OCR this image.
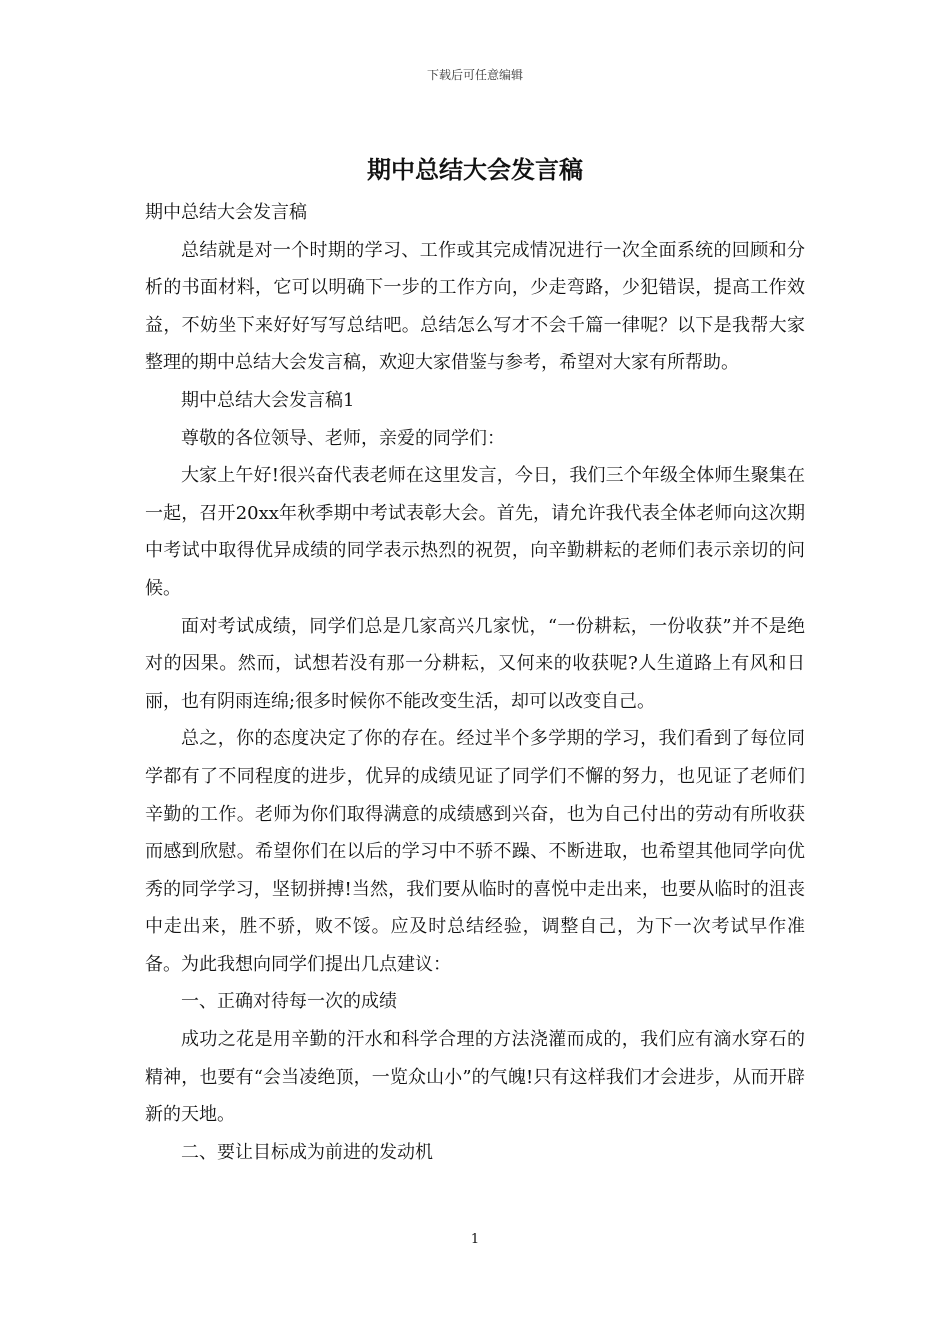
下载后可任意编辑
期中总结大会发言稿

期中总结大会发言稿

总结就是对一个时期的学习、工作或其完成情况进行一次全面系统的回顾和分析的书面材料，它可以明确下一步的工作方向，少走弯路，少犯错误，提高工作效益，不妨坐下来好好写写总结吧。总结怎么写才不会千篇一律呢？以下是我帮大家整理的期中总结大会发言稿，欢迎大家借鉴与参考，希望对大家有所帮助。

期中总结大会发言稿1

尊敬的各位领导、老师，亲爱的同学们：

大家上午好!很兴奋代表老师在这里发言，今日，我们三个年级全体师生聚集在一起，召开20xx年秋季期中考试表彰大会。首先，请允许我代表全体老师向这次期中考试中取得优异成绩的同学表示热烈的祝贺，向辛勤耕耘的老师们表示亲切的问候。

面对考试成绩，同学们总是几家高兴几家忧，“一份耕耘，一份收获”并不是绝对的因果。然而，试想若没有那一分耕耘，又何来的收获呢?人生道路上有风和日丽，也有阴雨连绵;很多时候你不能改变生活，却可以改变自己。

总之，你的态度决定了你的存在。经过半个多学期的学习，我们看到了每位同学都有了不同程度的进步，优异的成绩见证了同学们不懈的努力，也见证了老师们辛勤的工作。老师为你们取得满意的成绩感到兴奋，也为自己付出的劳动有所收获而感到欣慰。希望你们在以后的学习中不骄不躁、不断进取，也希望其他同学向优秀的同学学习，坚韧拼搏!当然，我们要从临时的喜悦中走出来，也要从临时的沮丧中走出来，胜不骄，败不馁。应及时总结经验，调整自己，为下一次考试早作准备。为此我想向同学们提出几点建议：

一、正确对待每一次的成绩

成功之花是用辛勤的汗水和科学合理的方法浇灌而成的，我们应有滴水穿石的精神，也要有“会当凌绝顶，一览众山小”的气魄!只有这样我们才会进步，从而开辟新的天地。

二、要让目标成为前进的发动机

1
